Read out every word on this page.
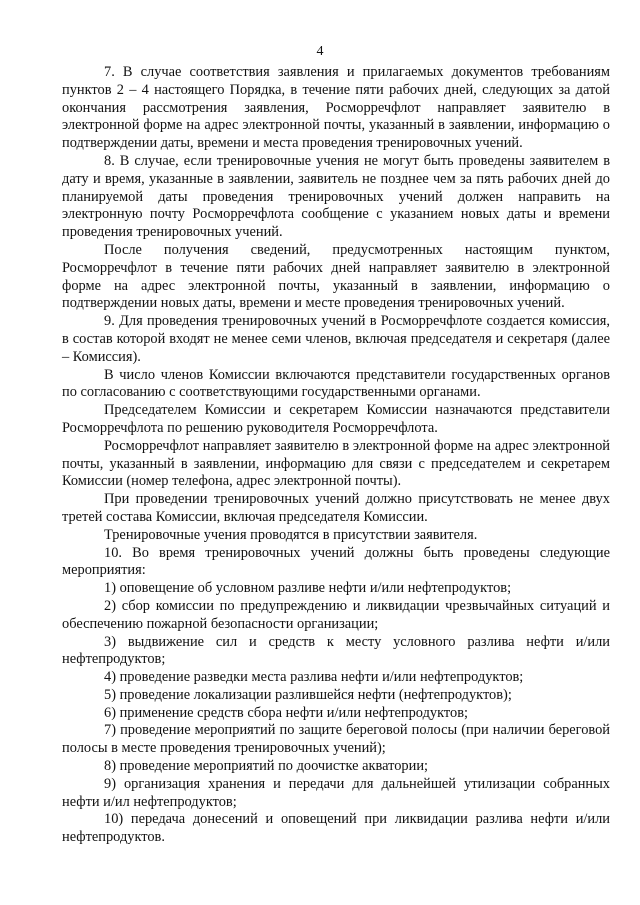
4

7. В случае соответствия заявления и прилагаемых документов требованиям пунктов 2 – 4 настоящего Порядка, в течение пяти рабочих дней, следующих за датой окончания рассмотрения заявления, Росморречфлот направляет заявителю в электронной форме на адрес электронной почты, указанный в заявлении, информацию о подтверждении даты, времени и места проведения тренировочных учений.

8. В случае, если тренировочные учения не могут быть проведены заявителем в дату и время, указанные в заявлении, заявитель не позднее чем за пять рабочих дней до планируемой даты проведения тренировочных учений должен направить на электронную почту Росморречфлота сообщение с указанием новых даты и времени проведения тренировочных учений.

После получения сведений, предусмотренных настоящим пунктом, Росморречфлот в течение пяти рабочих дней направляет заявителю в электронной форме на адрес электронной почты, указанный в заявлении, информацию о подтверждении новых даты, времени и месте проведения тренировочных учений.

9. Для проведения тренировочных учений в Росморречфлоте создается комиссия, в состав которой входят не менее семи членов, включая председателя и секретаря (далее – Комиссия).

В число членов Комиссии включаются представители государственных органов по согласованию с соответствующими государственными органами.

Председателем Комиссии и секретарем Комиссии назначаются представители Росморречфлота по решению руководителя Росморречфлота.

Росморречфлот направляет заявителю в электронной форме на адрес электронной почты, указанный в заявлении, информацию для связи с председателем и секретарем Комиссии (номер телефона, адрес электронной почты).

При проведении тренировочных учений должно присутствовать не менее двух третей состава Комиссии, включая председателя Комиссии.

Тренировочные учения проводятся в присутствии заявителя.

10. Во время тренировочных учений должны быть проведены следующие мероприятия:

1) оповещение об условном разливе нефти и/или нефтепродуктов;

2) сбор комиссии по предупреждению и ликвидации чрезвычайных ситуаций и обеспечению пожарной безопасности организации;

3) выдвижение сил и средств к месту условного разлива нефти и/или нефтепродуктов;

4) проведение разведки места разлива нефти и/или нефтепродуктов;

5) проведение локализации разлившейся нефти (нефтепродуктов);

6) применение средств сбора нефти и/или нефтепродуктов;

7) проведение мероприятий по защите береговой полосы (при наличии береговой полосы в месте проведения тренировочных учений);

8) проведение мероприятий по доочистке акватории;

9) организация хранения и передачи для дальнейшей утилизации собранных нефти и/ил нефтепродуктов;

10) передача донесений и оповещений при ликвидации разлива нефти и/или нефтепродуктов.
